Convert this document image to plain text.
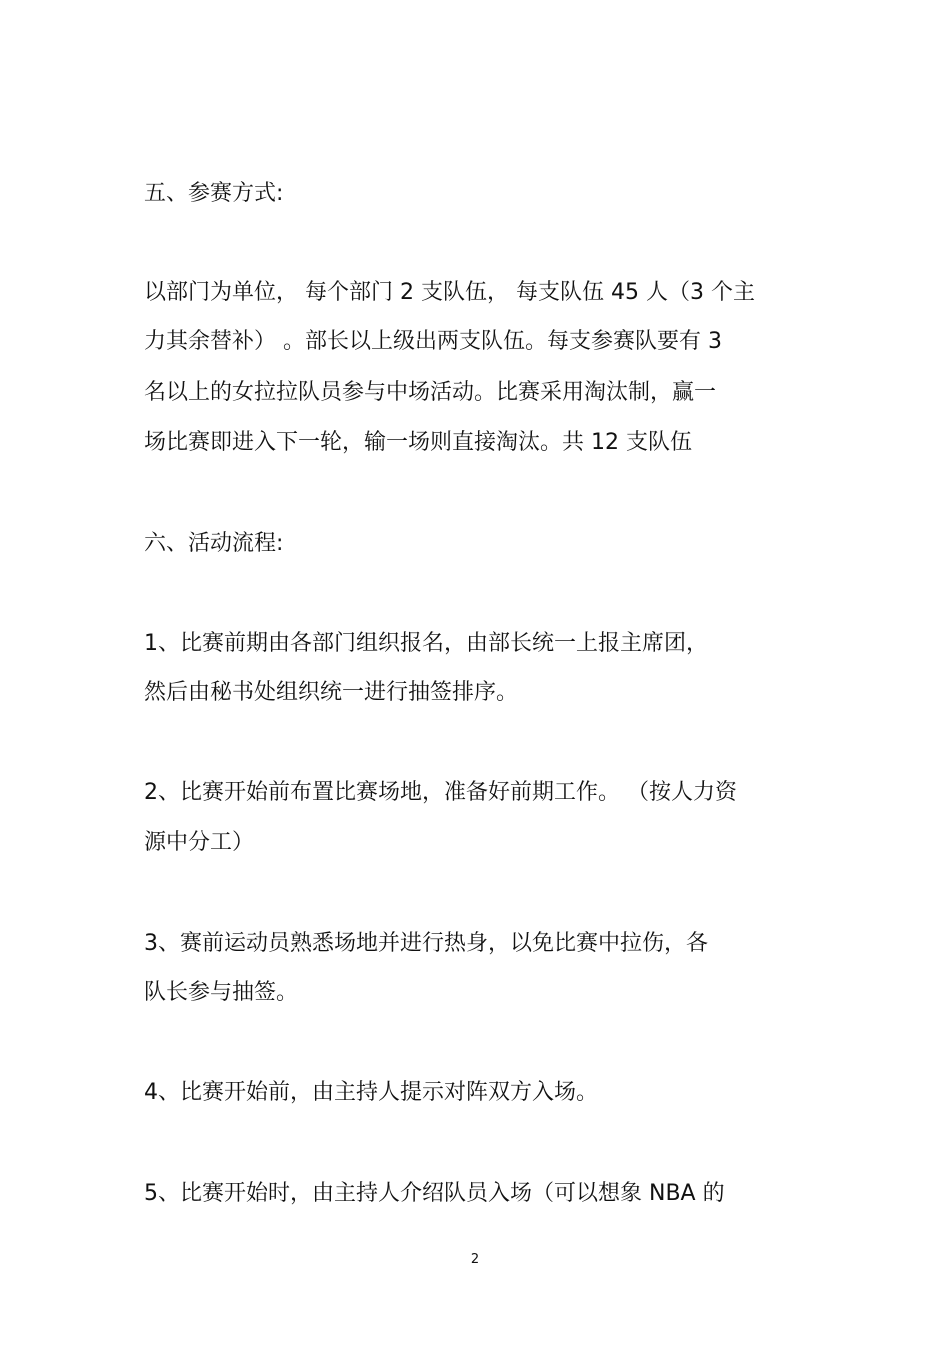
五、参赛方式:
以部门为单位， 每个部门 2 支队伍， 每支队伍 45 人（3 个主
力其余替补） 。部长以上级出两支队伍。每支参赛队要有 3
名以上的女拉拉队员参与中场活动。比赛采用淘汰制，赢一
场比赛即进入下一轮，输一场则直接淘汰。共 12 支队伍
六、活动流程:
1、比赛前期由各部门组织报名，由部长统一上报主席团，
然后由秘书处组织统一进行抽签排序。
2、比赛开始前布置比赛场地，准备好前期工作。 （按人力资
源中分工）
3、赛前运动员熟悉场地并进行热身，以免比赛中拉伤，各
队长参与抽签。
4、比赛开始前，由主持人提示对阵双方入场。
5、比赛开始时，由主持人介绍队员入场（可以想象 NBA 的
2
